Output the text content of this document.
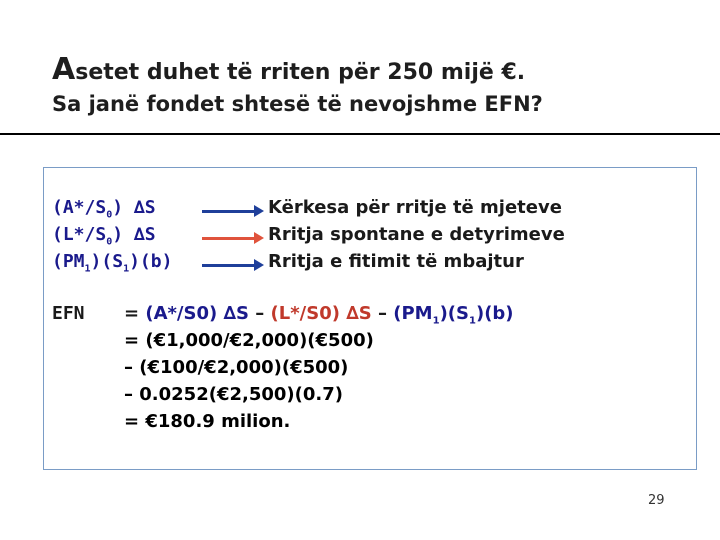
Asetet duhet të rriten për 250 mijë €.
Sa janë fondet shtesë të nevojshme EFN?
$(A*/S_0)$ ∆S	Kërkesa për rritje të mjeteve
$(L*/S_0)$ ∆S	Rritja spontane e detyrimeve
$(PM_1)(S_1)(b)$	Rritja e fitimit të mbajtur
EFN = (A*/S0) ∆S – (L*/S0) $\Delta S - (PM_1)(S_1)(b)$
= (€1,000/€2,000)(€500)
– (€100/€2,000)(€500)
– 0.0252(€2,500)(0.7)
= €180.9 milion.
29
